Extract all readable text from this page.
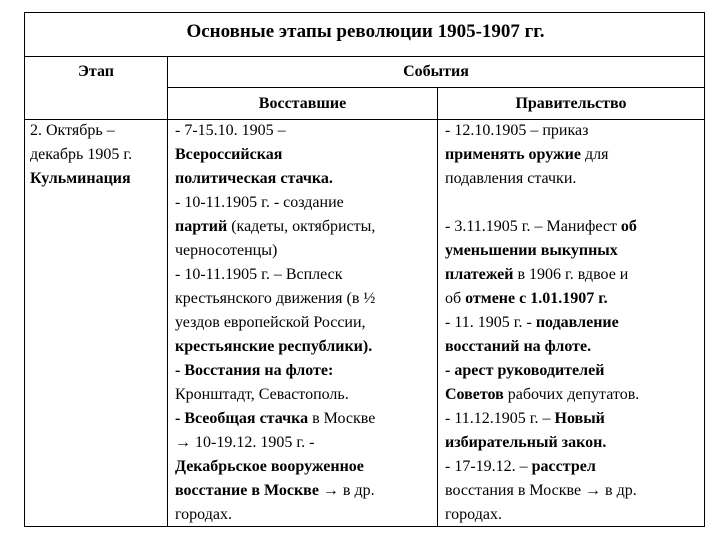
Основные этапы революции 1905-1907 гг.
Этап	События
Восставшие	Правительство
2. Октябрь –
декабрь 1905 г.
Кульминация
- 7-15.10. 1905 –
Всероссийская
политическая стачка.
- 10-11.1905 г. - создание
партий (кадеты, октябристы,
черносотенцы)
- 10-11.1905 г. – Всплеск
крестьянского движения (в ½
уездов европейской России,
крестьянские республики).
- Восстания на флоте:
Кронштадт, Севастополь.
- Всеобщая стачка в Москве
→ 10-19.12. 1905 г. -
Декабрьское вооруженное
восстание в Москве → в др.
городах.
- 12.10.1905 – приказ
применять оружие для
подавления стачки.
- 3.11.1905 г. – Манифест об
уменьшении выкупных
платежей в 1906 г. вдвое и
об отмене с 1.01.1907 г.
- 11. 1905 г. - подавление
восстаний на флоте.
- арест руководителей
Советов рабочих депутатов.
- 11.12.1905 г. – Новый
избирательный закон.
- 17-19.12. – расстрел
восстания в Москве → в др.
городах.
